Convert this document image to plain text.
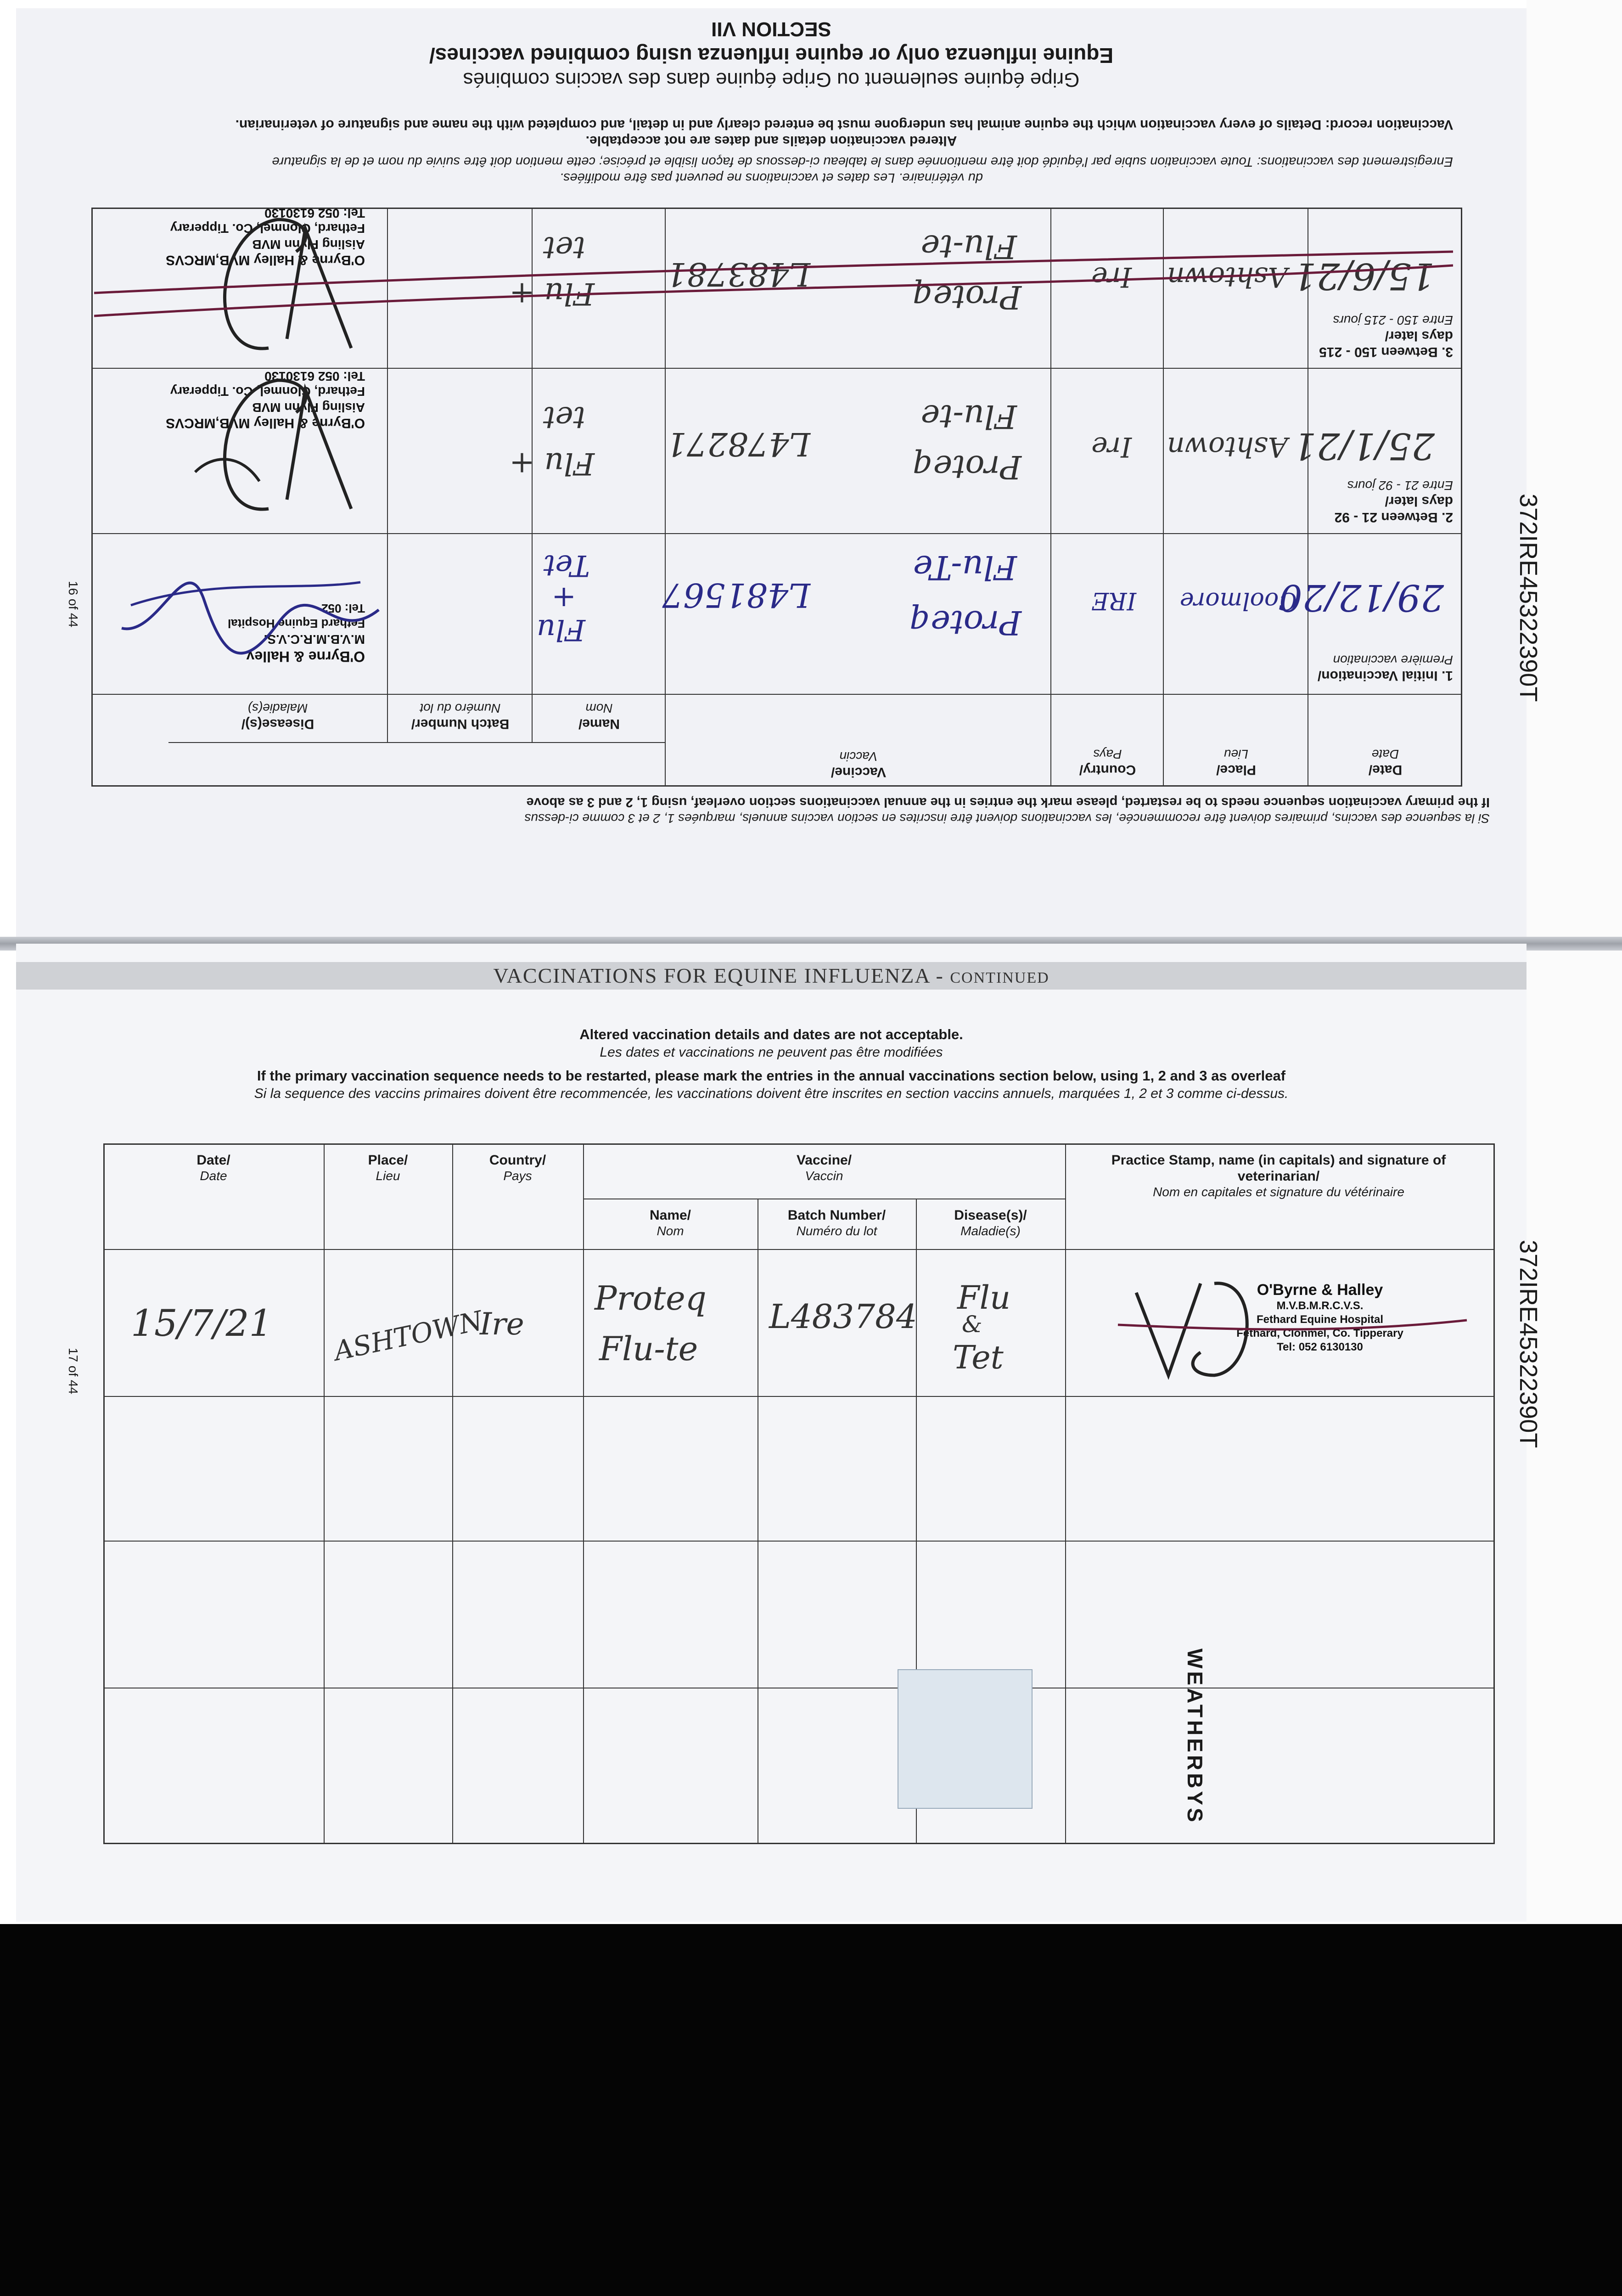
SECTION VII
Equine influenza only or equine influenza using combined vaccines/
Gripe équine seulement ou Gripe équine dans des vaccins combinés
Vaccination record: Details of every vaccination which the equine animal has undergone must be entered clearly and in detail, and completed with the name and signature of veterinarian.
Altered vaccination details and dates are not acceptable.
Enregistrement des vaccinations: Toute vaccination subie par l'équidé doit être mentionnée dans le tableau ci-dessous de façon lisible et précise; cette mention doit être suivie du nom et de la signature
du vétérinaire. Les dates et vaccinations ne peuvent pas être modifiées.
Date/
Date
Place/
Lieu
Country/
Pays
Vaccine/
Vaccin
Name/
Nom
Batch Number/
Numéro du lot
Disease(s)/
Maladie(s)
1. Initial Vaccination/
Première vaccination
29/12/20
Coolmore
IRE
Proteq
Flu-Te
L481567
Flu
+
Tet
O'Byrne & Halley
M.V.B.M.R.C.V.S.
Fethard Equine Hospital
Tel: 052
2. Between 21 - 92
days later/
Entre 21 - 92 jours
25/1/21
Ashtown
Ire
Proteq
Flu-te
L478271
Flu +
tet
O'Byrne & Halley MVB,MRCVS
Aisling Flynn MVB
Fethard, Clonmel, Co. Tipperary
Tel: 052 6130130
3. Between 150 - 215
days later/
Entre 150 - 215 jours
15/6/21
Ashtown
Ire
Proteq
Flu-te
L483781
Flu +
tet
O'Byrne & Halley MVB,MRCVS
Aisling Flynn MVB
Fethard, Clonmel, Co. Tipperary
Tel: 052 6130130
If the primary vaccination sequence needs to be restarted, please mark the entries in the annual vaccinations section overleaf, using 1, 2 and 3 as above
Si la sequence des vaccins, primaires doivent être recommencée, les vaccinations doivent être inscrites en section vaccins annuels, marquées 1, 2 et 3 comme ci-dessus
16 of 44	372IRE45322390T
VACCINATIONS FOR EQUINE INFLUENZA - CONTINUED
Altered vaccination details and dates are not acceptable.
Les dates et vaccinations ne peuvent pas être modifiées
If the primary vaccination sequence needs to be restarted, please mark the entries in the annual vaccinations section below, using 1, 2 and 3 as overleaf
Si la sequence des vaccins primaires doivent être recommencée, les vaccinations doivent être inscrites en section vaccins annuels, marquées 1, 2 et 3 comme ci-dessus.
Date/
Date
Place/
Lieu
Country/
Pays
Vaccine/
Vaccin
Name/
Nom
Batch Number/
Numéro du lot
Disease(s)/
Maladie(s)
Practice Stamp, name (in capitals) and signature of
veterinarian/
Nom en capitales et signature du vétérinaire
15/7/21 ASHTOWN
Ire
Proteq
Flu-te
L483784 Flu
&
Tet
O'Byrne & Halley
M.V.B.M.R.C.V.S.
Fethard Equine Hospital
Fethard, Clonmel, Co. Tipperary
Tel: 052 6130130
17 of 44	372IRE45322390T
WEATHERBYS
